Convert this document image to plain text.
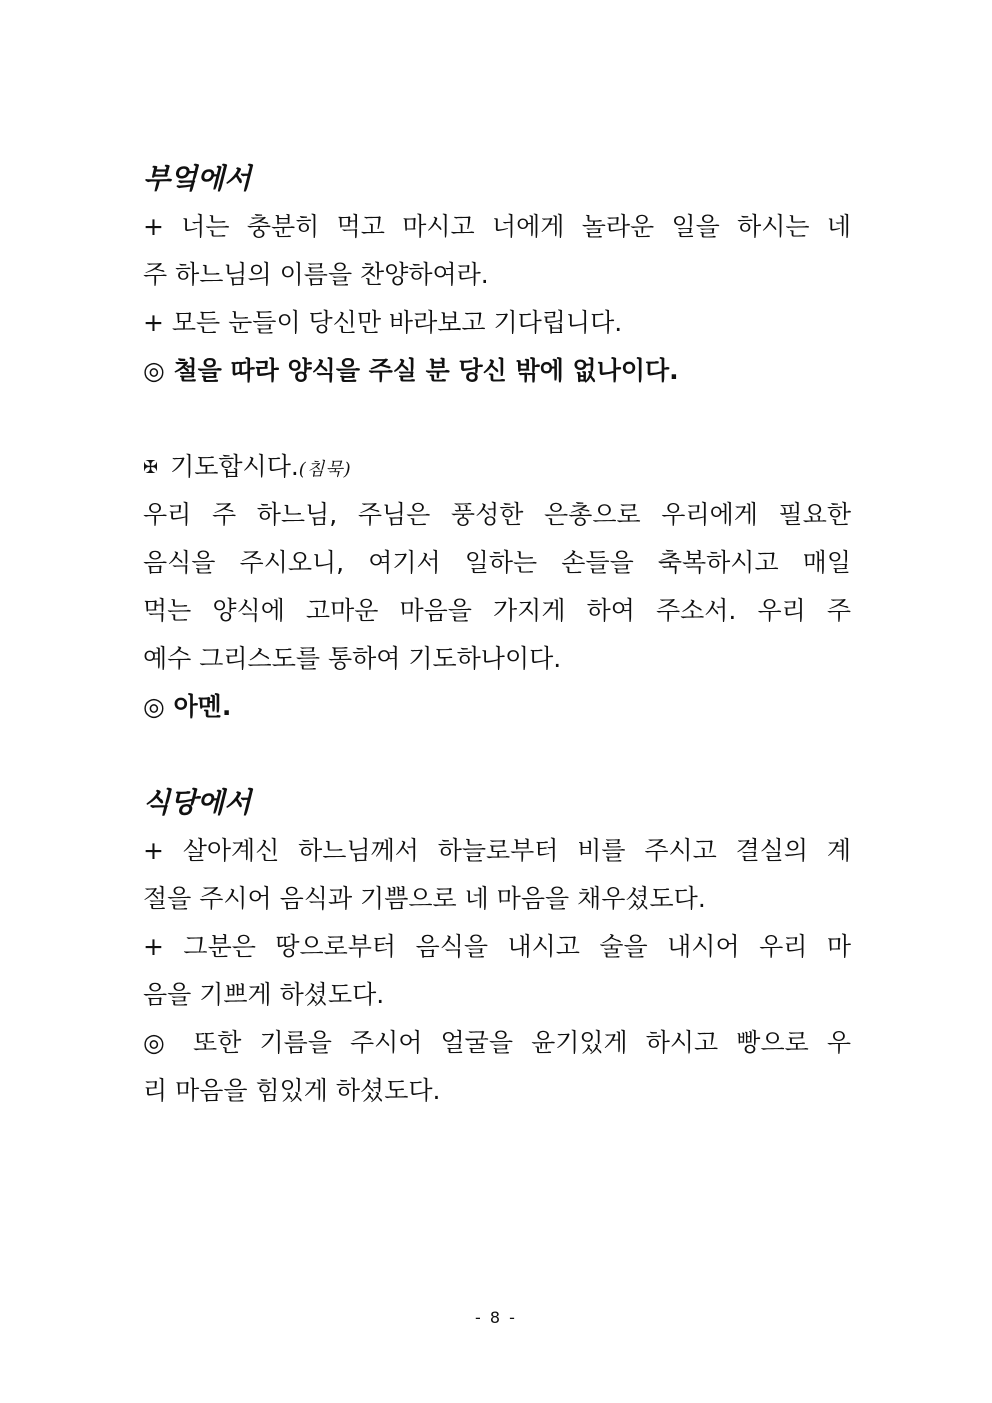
부엌에서
+ 너는 충분히 먹고 마시고 너에게 놀라운 일을 하시는 네
주 하느님의 이름을 찬양하여라.
+ 모든 눈들이 당신만 바라보고 기다립니다.
◎ 철을 따라 양식을 주실 분 당신 밖에 없나이다.
✠ 기도합시다.(침묵)
우리 주 하느님, 주님은 풍성한 은총으로 우리에게 필요한
음식을 주시오니, 여기서 일하는 손들을 축복하시고 매일
먹는 양식에 고마운 마음을 가지게 하여 주소서. 우리 주
예수 그리스도를 통하여 기도하나이다.
◎ 아멘.
식당에서
+ 살아계신 하느님께서 하늘로부터 비를 주시고 결실의 계
절을 주시어 음식과 기쁨으로 네 마음을 채우셨도다.
+ 그분은 땅으로부터 음식을 내시고 술을 내시어 우리 마
음을 기쁘게 하셨도다.
◎ 또한 기름을 주시어 얼굴을 윤기있게 하시고 빵으로 우
리 마음을 힘있게 하셨도다.
- 8 -
